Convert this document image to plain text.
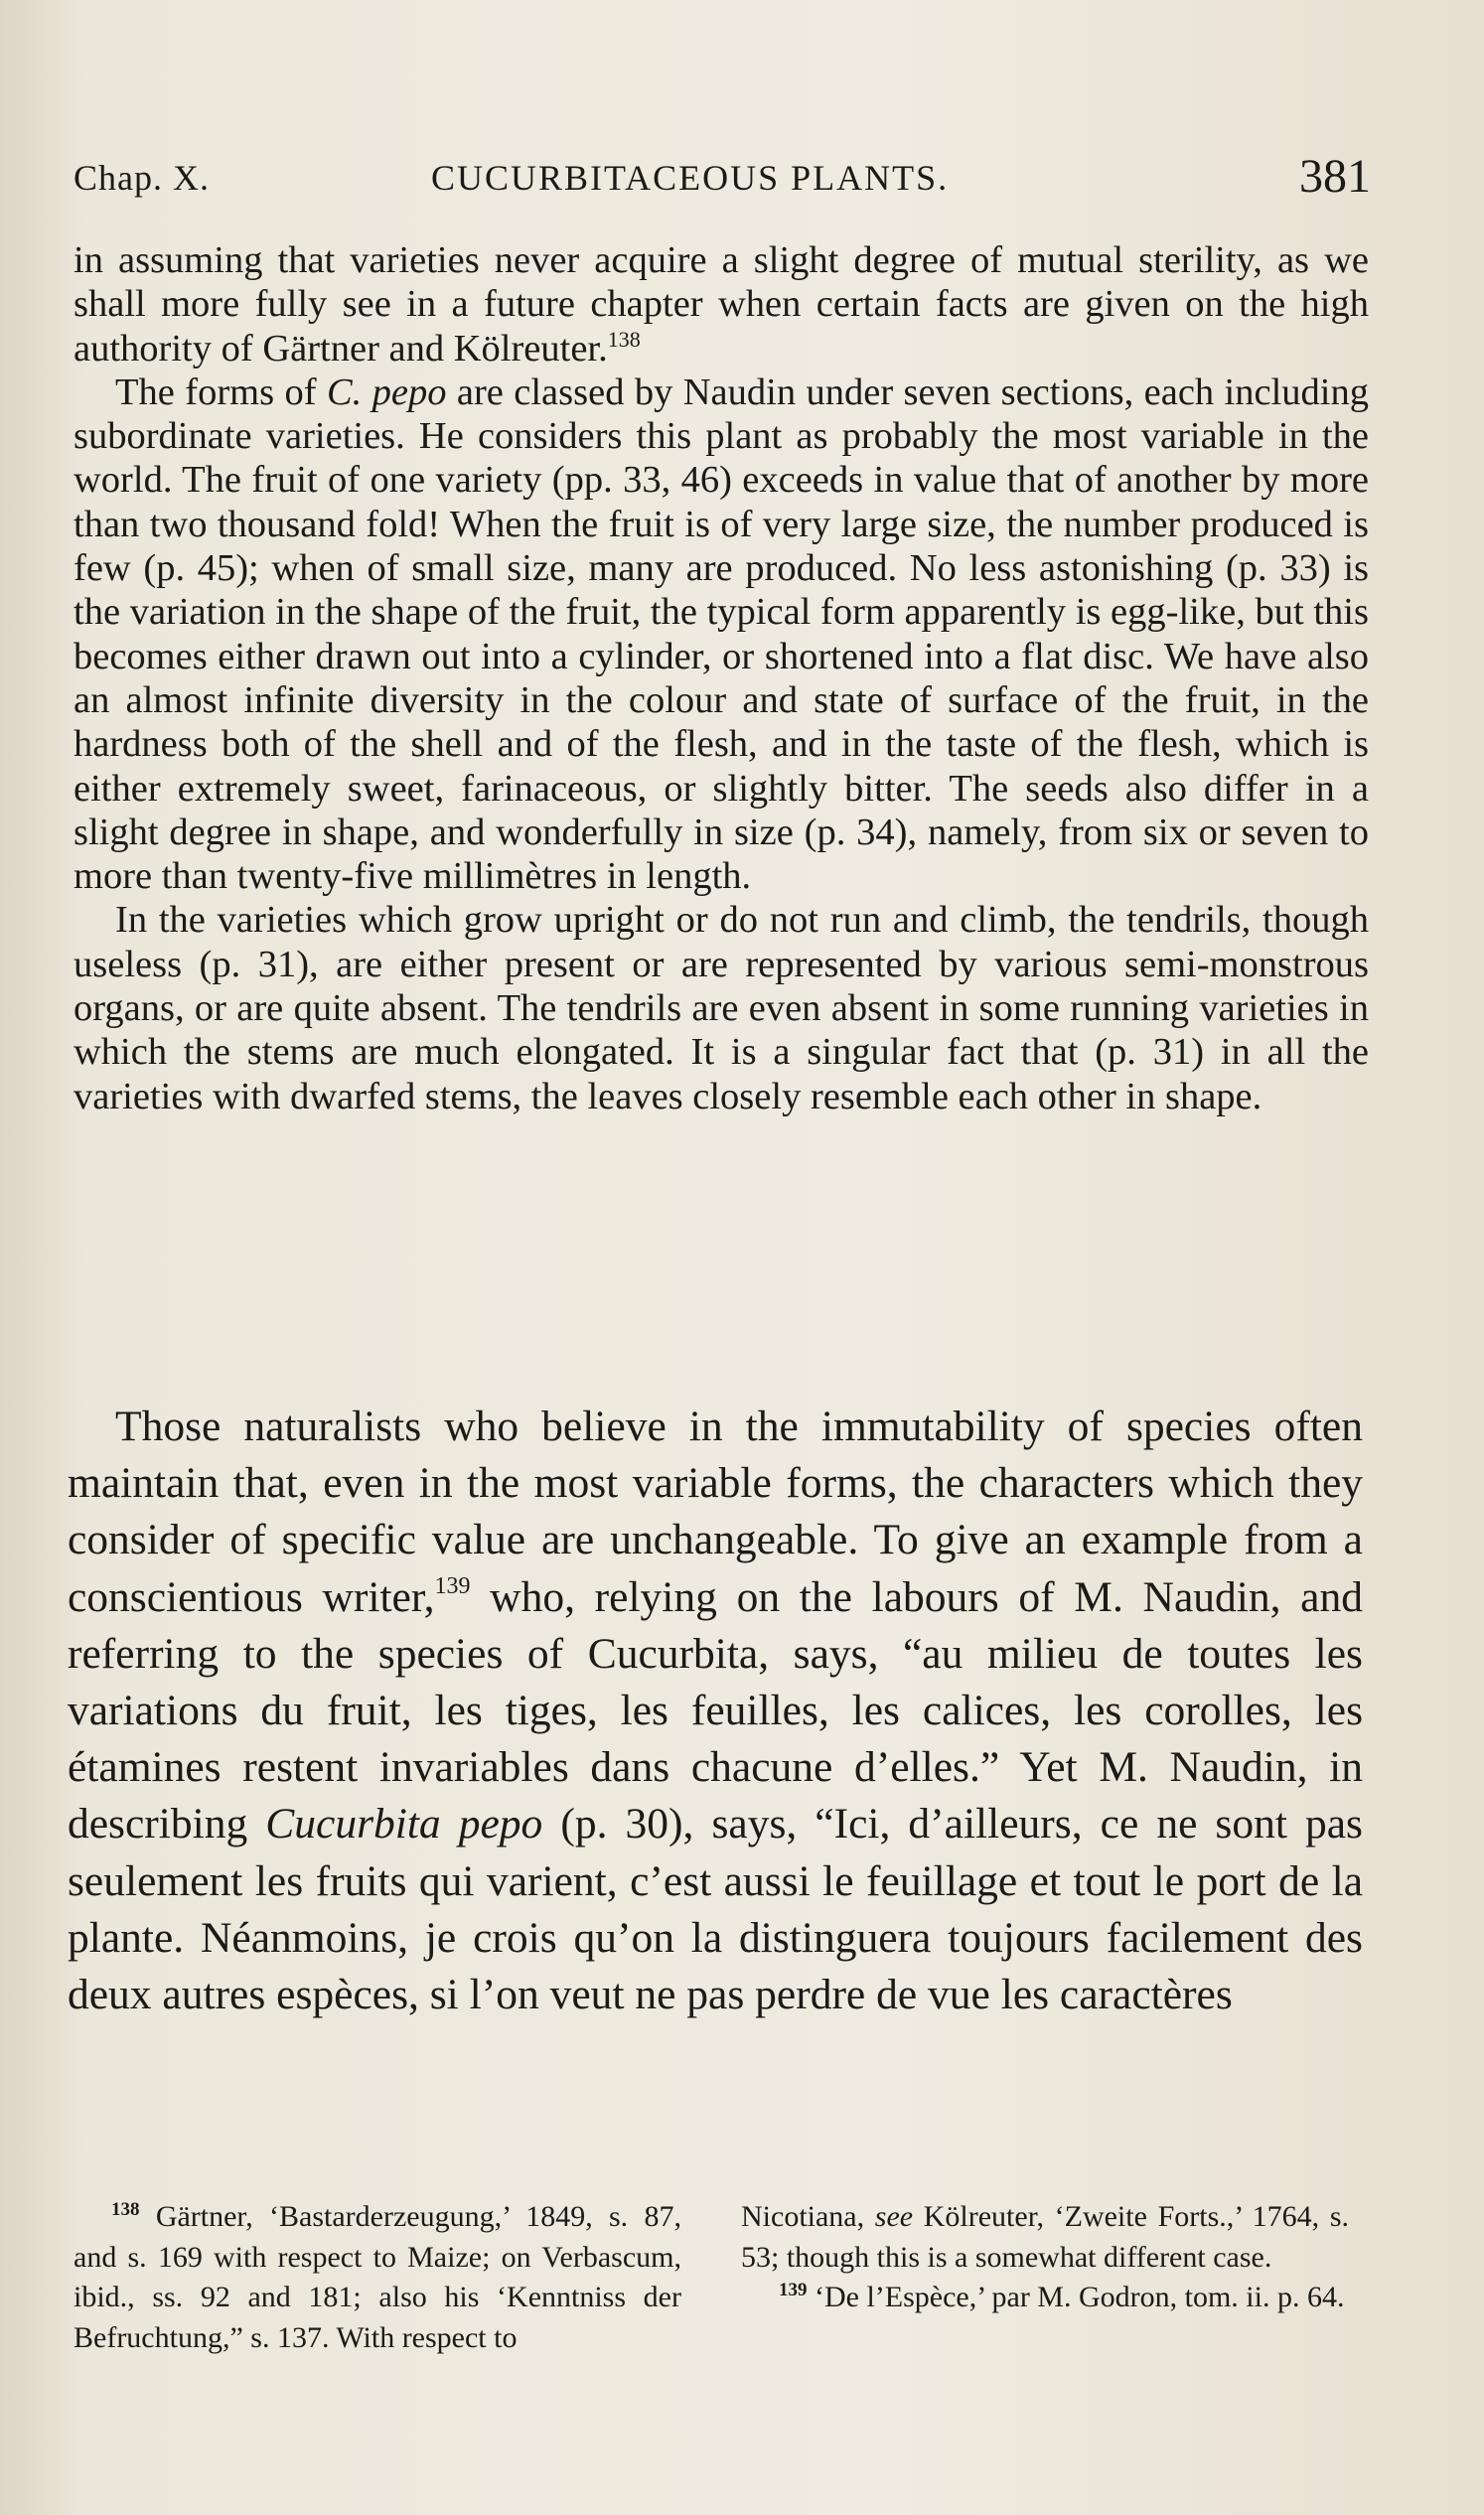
Chap. X.	CUCURBITACEOUS PLANTS.	381

in assuming that varieties never acquire a slight degree of mutual sterility, as we shall more fully see in a future chapter when certain facts are given on the high authority of Gärtner and Kölreuter.$^{138}$

The forms of C. pepo are classed by Naudin under seven sections, each including subordinate varieties. He considers this plant as probably the most variable in the world. The fruit of one variety (pp. 33, 46) exceeds in value that of another by more than two thousand fold! When the fruit is of very large size, the number produced is few (p. 45); when of small size, many are produced. No less astonishing (p. 33) is the variation in the shape of the fruit, the typical form apparently is egg-like, but this becomes either drawn out into a cylinder, or shortened into a flat disc. We have also an almost infinite diversity in the colour and state of surface of the fruit, in the hardness both of the shell and of the flesh, and in the taste of the flesh, which is either extremely sweet, farinaceous, or slightly bitter. The seeds also differ in a slight degree in shape, and wonderfully in size (p. 34), namely, from six or seven to more than twenty-five millimètres in length.

In the varieties which grow upright or do not run and climb, the tendrils, though useless (p. 31), are either present or are represented by various semi-monstrous organs, or are quite absent. The tendrils are even absent in some running varieties in which the stems are much elongated. It is a singular fact that (p. 31) in all the varieties with dwarfed stems, the leaves closely resemble each other in shape.

Those naturalists who believe in the immutability of species often maintain that, even in the most variable forms, the characters which they consider of specific value are unchangeable. To give an example from a conscientious writer,$^{139}$ who, relying on the labours of M. Naudin, and referring to the species of Cucurbita, says, “au milieu de toutes les variations du fruit, les tiges, les feuilles, les calices, les corolles, les étamines restent invariables dans chacune d’elles.” Yet M. Naudin, in describing Cucurbita pepo (p. 30), says, “Ici, d’ailleurs, ce ne sont pas seulement les fruits qui varient, c’est aussi le feuillage et tout le port de la plante. Néanmoins, je crois qu’on la distinguera toujours facilement des deux autres espèces, si l’on veut ne pas perdre de vue les caractères

$^{138}$ Gärtner, ‘Bastarderzeugung,’ 1849, s. 87, and s. 169 with respect to Maize; on Verbascum, ibid., ss. 92 and 181; also his ‘Kenntniss der Befruchtung,” s. 137. With respect to

Nicotiana, see Kölreuter, ‘Zweite Forts.,’ 1764, s. 53; though this is a somewhat different case.

$^{139}$ ‘De l’Espèce,’ par M. Godron, tom. ii. p. 64.
